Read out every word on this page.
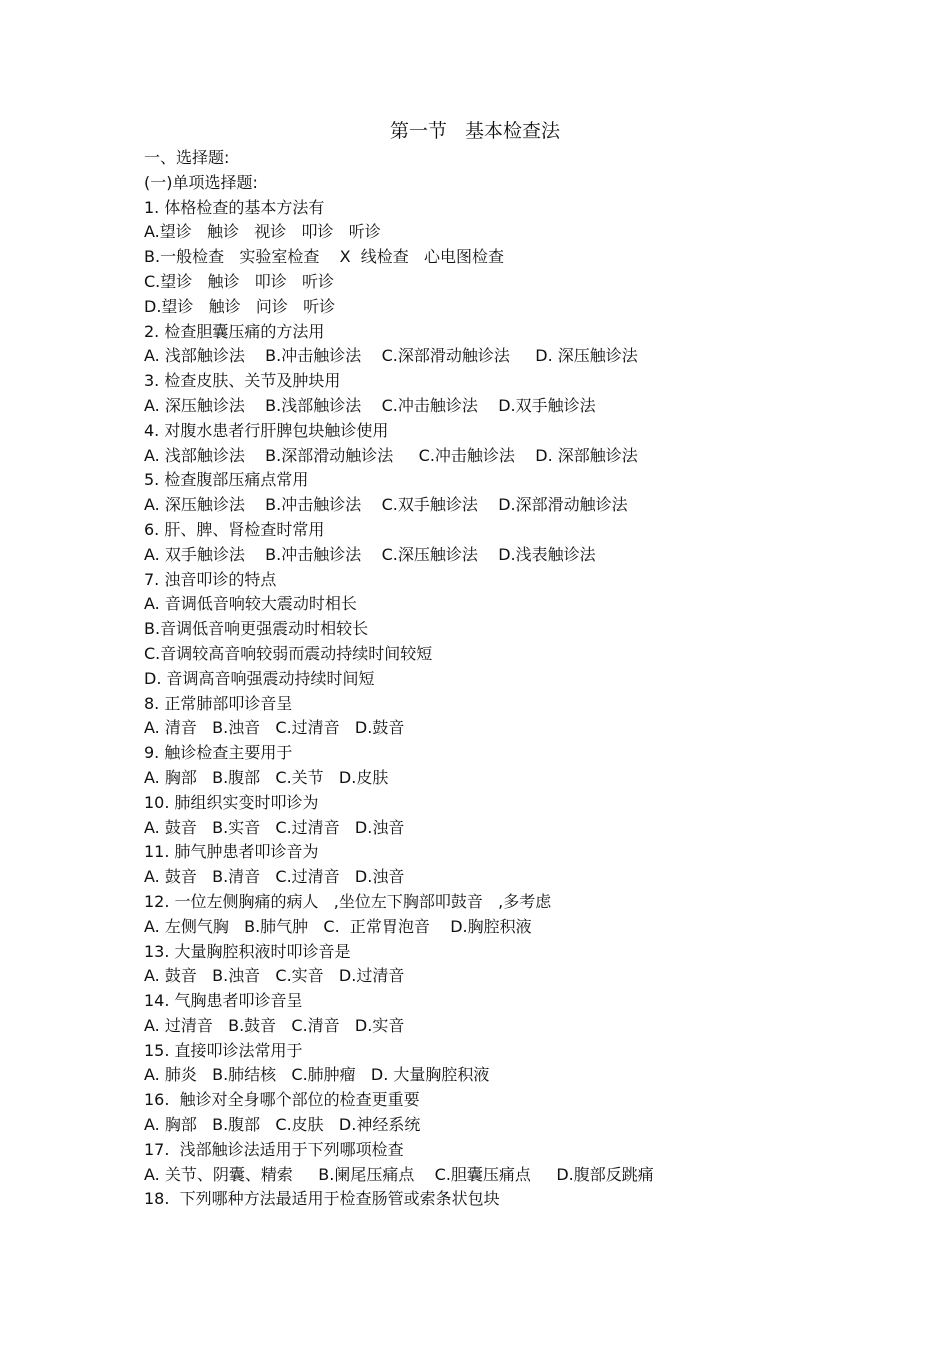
第一节   基本检查法
一、选择题:
(一)单项选择题:
1. 体格检查的基本方法有
A.望诊   触诊   视诊   叩诊   听诊
B.一般检查   实验室检查    X  线检查   心电图检查
C.望诊   触诊   叩诊   听诊
D.望诊   触诊   问诊   听诊
2. 检查胆囊压痛的方法用
A. 浅部触诊法    B.冲击触诊法    C.深部滑动触诊法     D. 深压触诊法
3. 检查皮肤、关节及肿块用
A. 深压触诊法    B.浅部触诊法    C.冲击触诊法    D.双手触诊法
4. 对腹水患者行肝脾包块触诊使用
A. 浅部触诊法    B.深部滑动触诊法     C.冲击触诊法    D. 深部触诊法
5. 检查腹部压痛点常用
A. 深压触诊法    B.冲击触诊法    C.双手触诊法    D.深部滑动触诊法
6. 肝、脾、肾检查时常用
A. 双手触诊法    B.冲击触诊法    C.深压触诊法    D.浅表触诊法
7. 浊音叩诊的特点
A. 音调低音响较大震动时相长
B.音调低音响更强震动时相较长
C.音调较高音响较弱而震动持续时间较短
D. 音调高音响强震动持续时间短
8. 正常肺部叩诊音呈
A. 清音   B.浊音   C.过清音   D.鼓音
9. 触诊检查主要用于
A. 胸部   B.腹部   C.关节   D.皮肤
10. 肺组织实变时叩诊为
A. 鼓音   B.实音   C.过清音   D.浊音
11. 肺气肿患者叩诊音为
A. 鼓音   B.清音   C.过清音   D.浊音
12. 一位左侧胸痛的病人   ,坐位左下胸部叩鼓音   ,多考虑
A. 左侧气胸   B.肺气肿   C.  正常胃泡音    D.胸腔积液
13. 大量胸腔积液时叩诊音是
A. 鼓音   B.浊音   C.实音   D.过清音
14. 气胸患者叩诊音呈
A. 过清音   B.鼓音   C.清音   D.实音
15. 直接叩诊法常用于
A. 肺炎   B.肺结核   C.肺肿瘤   D. 大量胸腔积液
16.  触诊对全身哪个部位的检查更重要
A. 胸部   B.腹部   C.皮肤   D.神经系统
17.  浅部触诊法适用于下列哪项检查
A. 关节、阴囊、精索     B.阑尾压痛点    C.胆囊压痛点     D.腹部反跳痛
18.  下列哪种方法最适用于检查肠管或索条状包块
